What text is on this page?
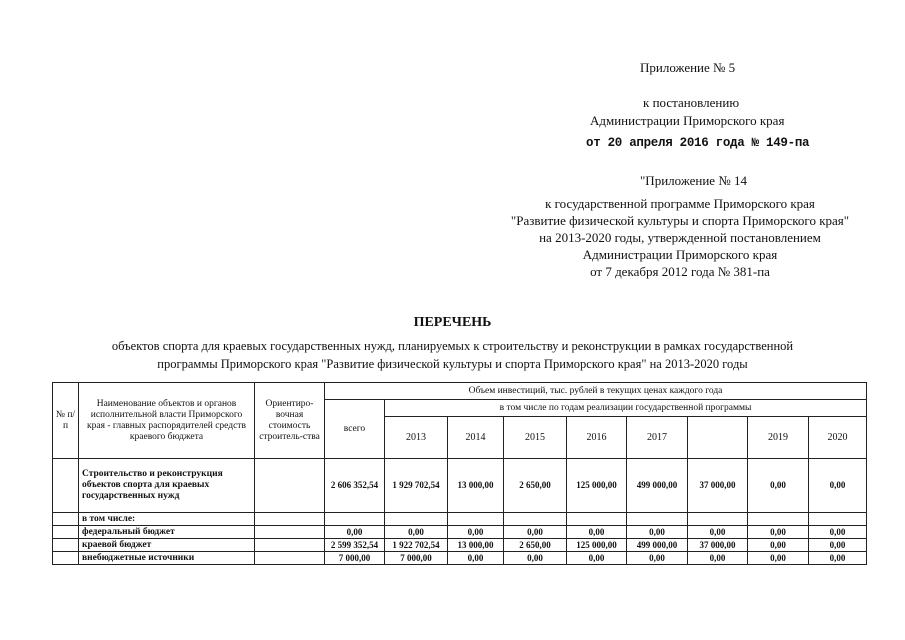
Приложение № 5
к постановлению
Администрации Приморского края
от 20 апреля 2016 года № 149-па
"Приложение № 14
к государственной программе Приморского края
"Развитие физической культуры и спорта Приморского края"
на 2013-2020 годы, утвержденной постановлением
Администрации Приморского края
от 7 декабря 2012 года № 381-па
ПЕРЕЧЕНЬ
объектов спорта для краевых государственных нужд, планируемых к строительству и реконструкции в рамках государственной
программы Приморского края "Развитие физической культуры и спорта Приморского края" на 2013-2020 годы
№ п/п	Наименование объектов и органов исполнительной власти Приморского края - главных распорядителей средств краевого бюджета	Ориентиро-вочная стоимость строитель-ства	Объем инвестиций, тыс. рублей в текущих ценах каждого года								
			всего	в том числе по годам реализации государственной программы							
				2013	2014	2015	2016	2017		2019	2020
	Строительство и реконструкция объектов спорта для краевых государственных нужд		2 606 352,54	1 929 702,54	13 000,00	2 650,00	125 000,00	499 000,00	37 000,00	0,00	0,00
	в том числе:										
	федеральный бюджет		0,00	0,00	0,00	0,00	0,00	0,00	0,00	0,00	0,00
	краевой бюджет		2 599 352,54	1 922 702,54	13 000,00	2 650,00	125 000,00	499 000,00	37 000,00	0,00	0,00
	внебюджетные источники		7 000,00	7 000,00	0,00	0,00	0,00	0,00	0,00	0,00	0,00
